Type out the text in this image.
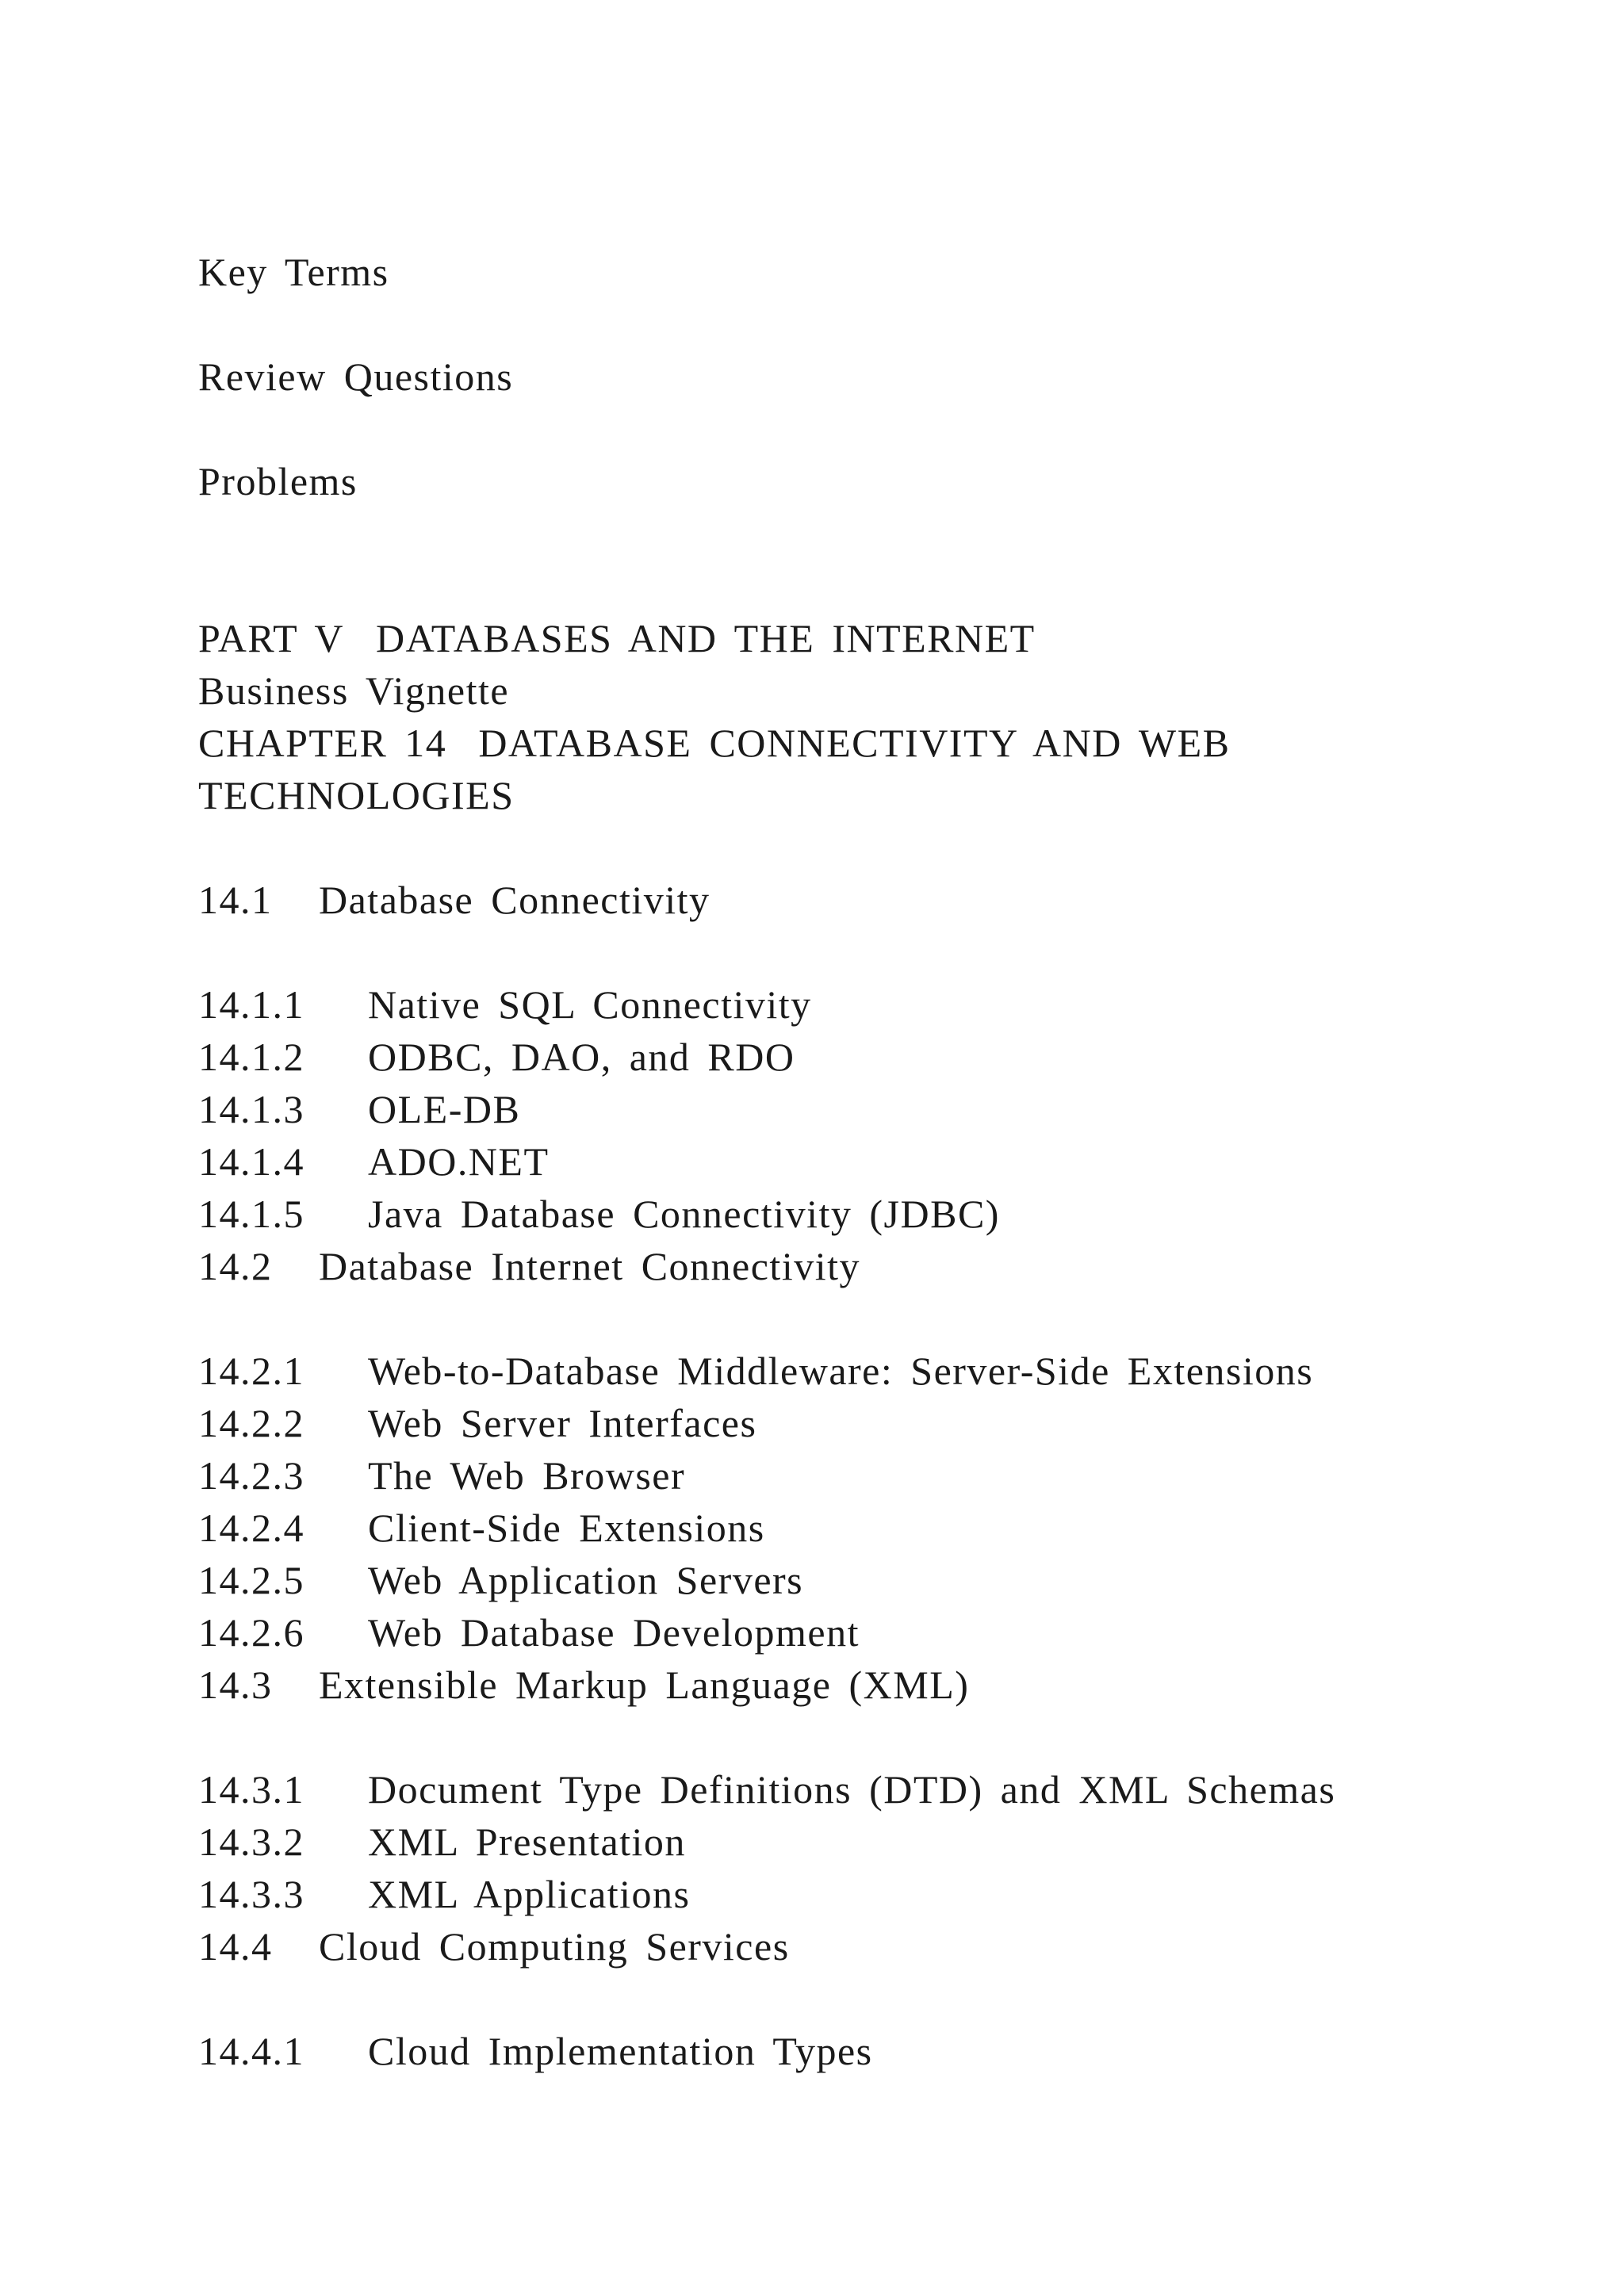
Key Terms
Review Questions
Problems
PART V DATABASES AND THE INTERNET
Business Vignette
CHAPTER 14 DATABASE CONNECTIVITY AND WEB
TECHNOLOGIES
14.1 Database Connectivity
14.1.1 Native SQL Connectivity
14.1.2 ODBC, DAO, and RDO
14.1.3 OLE-DB
14.1.4 ADO.NET
14.1.5 Java Database Connectivity (JDBC)
14.2 Database Internet Connectivity
14.2.1 Web-to-Database Middleware: Server-Side Extensions
14.2.2 Web Server Interfaces
14.2.3 The Web Browser
14.2.4 Client-Side Extensions
14.2.5 Web Application Servers
14.2.6 Web Database Development
14.3 Extensible Markup Language (XML)
14.3.1 Document Type Definitions (DTD) and XML Schemas
14.3.2 XML Presentation
14.3.3 XML Applications
14.4 Cloud Computing Services
14.4.1 Cloud Implementation Types
